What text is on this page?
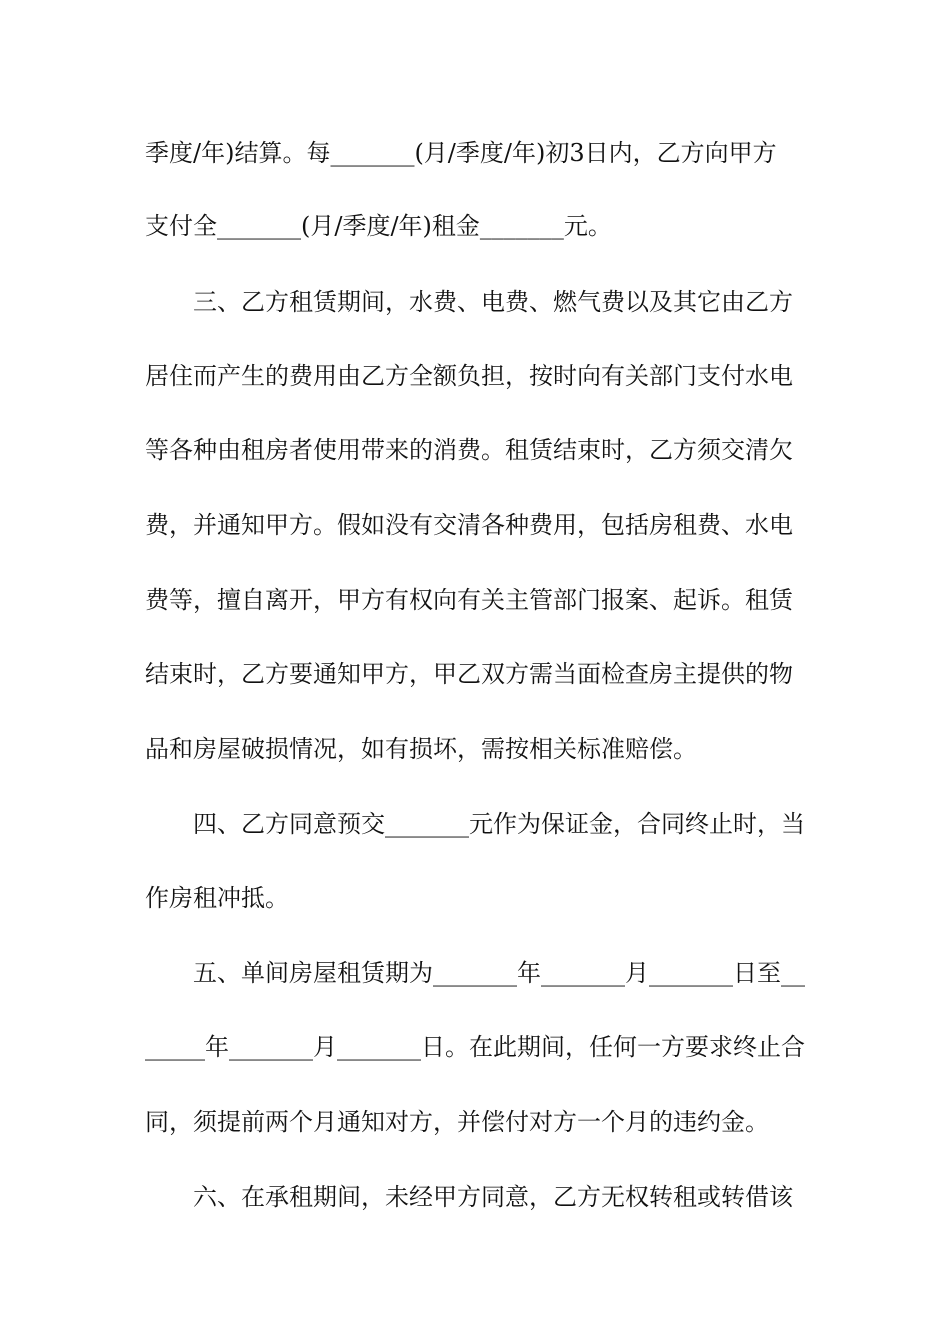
季度/年)结算。每_______(月/季度/年)初3日内，乙方向甲方
支付全_______(月/季度/年)租金_______元。
三、乙方租赁期间，水费、电费、燃气费以及其它由乙方
居住而产生的费用由乙方全额负担，按时向有关部门支付水电
等各种由租房者使用带来的消费。租赁结束时，乙方须交清欠
费，并通知甲方。假如没有交清各种费用，包括房租费、水电
费等，擅自离开，甲方有权向有关主管部门报案、起诉。租赁
结束时，乙方要通知甲方，甲乙双方需当面检查房主提供的物
品和房屋破损情况，如有损坏，需按相关标准赔偿。
四、乙方同意预交_______元作为保证金，合同终止时，当
作房租冲抵。
五、单间房屋租赁期为_______年_______月_______日至__
_____年_______月_______日。在此期间，任何一方要求终止合
同，须提前两个月通知对方，并偿付对方一个月的违约金。
六、在承租期间，未经甲方同意，乙方无权转租或转借该
